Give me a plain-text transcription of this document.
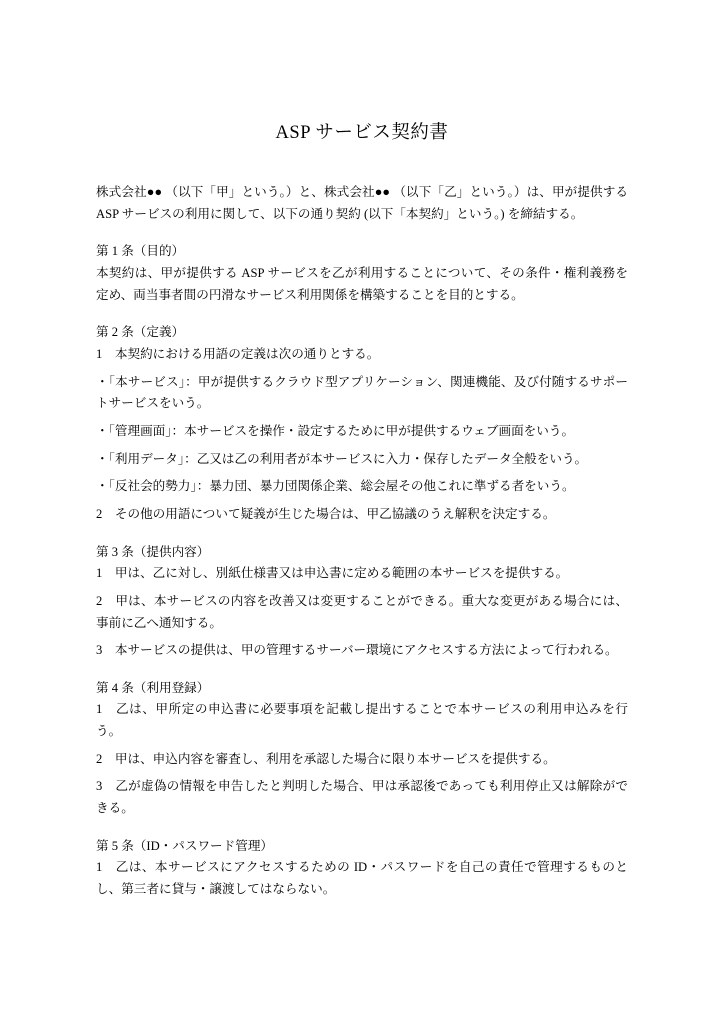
ASP サービス契約書

株式会社●● （以下「甲」という。）と、株式会社●● （以下「乙」という。）は、甲が提供する ASP サービスの利用に関して、以下の通り契約 (以下「本契約」という。) を締結する。

第 1 条（目的）

本契約は、甲が提供する ASP サービスを乙が利用することについて、その条件・権利義務を定め、両当事者間の円滑なサービス利用関係を構築することを目的とする。

第 2 条（定義）

1　本契約における用語の定義は次の通りとする。

・「本サービス」：甲が提供するクラウド型アプリケーション、関連機能、及び付随するサポートサービスをいう。

・「管理画面」：本サービスを操作・設定するために甲が提供するウェブ画面をいう。

・「利用データ」：乙又は乙の利用者が本サービスに入力・保存したデータ全般をいう。

・「反社会的勢力」：暴力団、暴力団関係企業、総会屋その他これに準ずる者をいう。

2　その他の用語について疑義が生じた場合は、甲乙協議のうえ解釈を決定する。

第 3 条（提供内容）

1　甲は、乙に対し、別紙仕様書又は申込書に定める範囲の本サービスを提供する。

2　甲は、本サービスの内容を改善又は変更することができる。重大な変更がある場合には、事前に乙へ通知する。

3　本サービスの提供は、甲の管理するサーバー環境にアクセスする方法によって行われる。

第 4 条（利用登録）

1　乙は、甲所定の申込書に必要事項を記載し提出することで本サービスの利用申込みを行う。

2　甲は、申込内容を審査し、利用を承認した場合に限り本サービスを提供する。

3　乙が虚偽の情報を申告したと判明した場合、甲は承認後であっても利用停止又は解除ができる。

第 5 条（ID・パスワード管理）

1　乙は、本サービスにアクセスするための ID・パスワードを自己の責任で管理するものとし、第三者に貸与・譲渡してはならない。
